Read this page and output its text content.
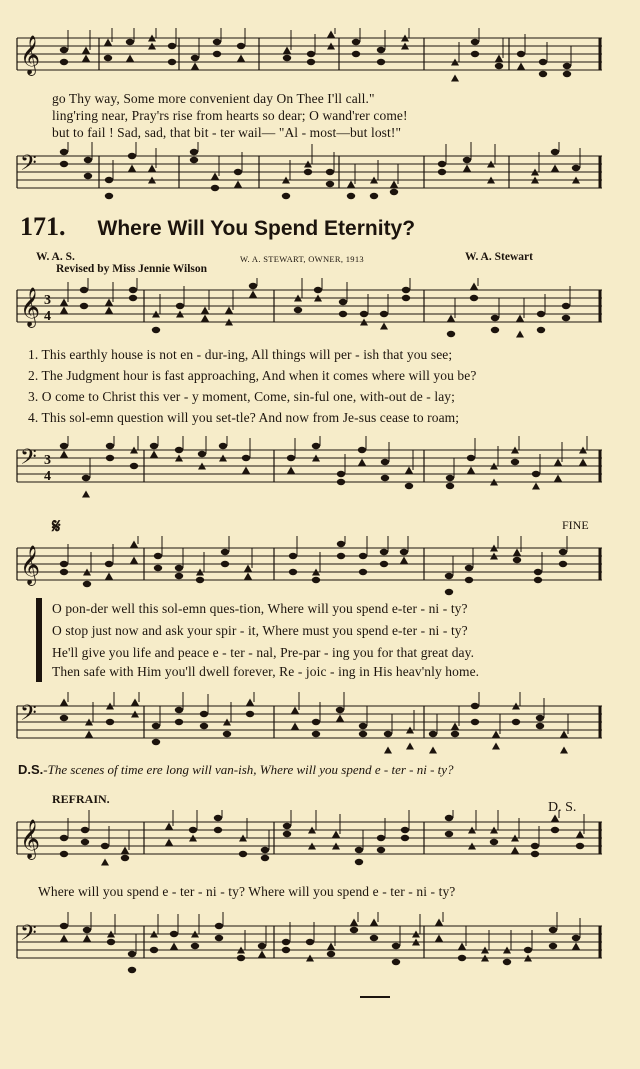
𝄞
go Thy way, Some more convenient day On Thee I'll call."
ling'ring near, Pray'rs rise from hearts so dear; O wand'rer come!
but to fail ! Sad, sad, that bit - ter wail— "Al - most—but lost!"
𝄢
171. Where Will You Spend Eternity?
W. A. S.
Revised by Miss Jennie Wilson
W. A. STEWART, OWNER, 1913	W. A. Stewart
𝄞 3
4
1. This earthly house is not en - dur-ing, All things will per - ish that you see;
2. The Judgment hour is fast approaching, And when it comes where will you be?
3. O come to Christ this ver - y moment, Come, sin-ful one, with-out de - lay;
4. This sol-emn question will you set-tle? And now from Je-sus cease to roam;
𝄢 3
4
𝄋	FINE
𝄞
O pon-der well this sol-emn ques-tion, Where will you spend e-ter - ni - ty?
O stop just now and ask your spir - it, Where must you spend e-ter - ni - ty?
He'll give you life and peace e - ter - nal, Pre-par - ing you for that great day.
Then safe with Him you'll dwell forever, Re - joic - ing in His heav'nly home.
𝄢
D.S.-The scenes of time ere long will van-ish, Where will you spend e - ter - ni - ty?
REFRAIN.
D. S.
𝄞
Where will you spend e - ter - ni - ty? Where will you spend e - ter - ni - ty?
𝄢
